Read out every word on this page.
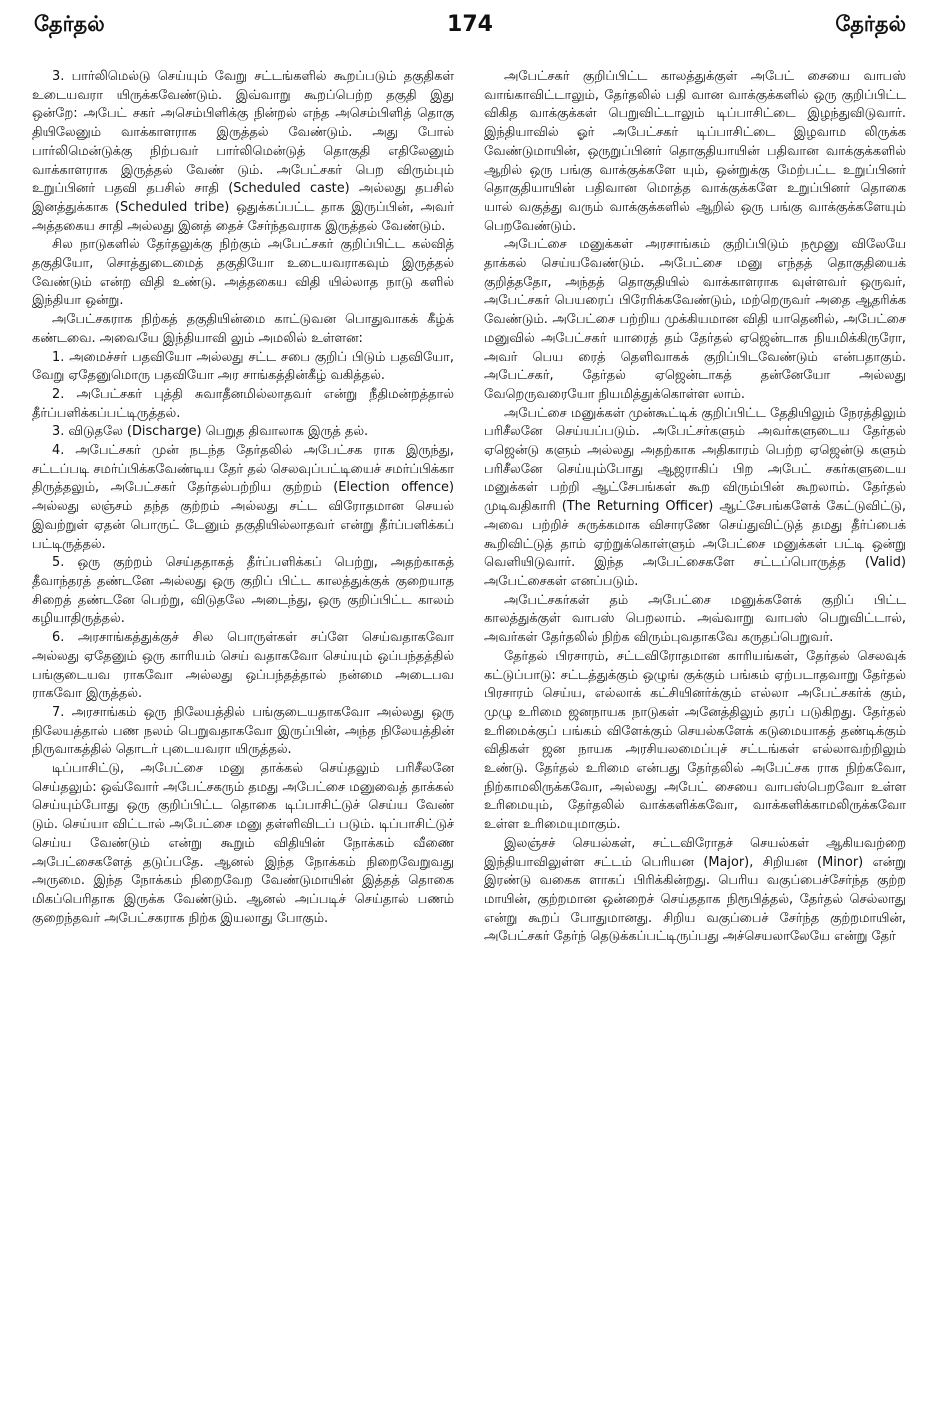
தேர்தல்	174	தேர்தல்

3. பார்லிமெல்டு செய்யும் வேறு சட்டங்களில் கூறப்படும் தகுதிகள் உடையவரா யிருக்கவேண்டும். இவ்வாறு கூறப்பெற்ற தகுதி இது ஒன்றே: அபேட் சகர் அசெம்பிளிக்கு நின்றல் எந்த அசெம்பிளித் தொகு தியிலேனும் வாக்காளராக இருத்தல் வேண்டும். அது போல் பார்லிமென்டுக்கு நிற்பவர் பார்லிமென்டுத் தொகுதி எதிலேனும் வாக்காளராக இருத்தல் வேண் டும். அபேட்சகர் பெற விரும்பும் உறுப்பினர் பதவி தபசில் சாதி (Scheduled caste) அல்லது தபசில் இனத்துக்காக (Scheduled tribe) ஒதுக்கப்பட்ட தாக இருப்பின், அவர் அத்தகைய சாதி அல்லது இனத் தைச் சேர்ந்தவராக இருத்தல் வேண்டும்.

சில நாடுகளில் தேர்தலுக்கு நிற்கும் அபேட்சகர் குறிப்பிட்ட கல்வித் தகுதியோ, சொத்துடைமைத் தகுதியோ உடையவராகவும் இருத்தல் வேண்டும் என்ற விதி உண்டு. அத்தகைய விதி யில்லாத நாடு களில் இந்தியா ஒன்று.

அபேட்சகராக நிற்கத் தகுதியின்மை காட்டுவன பொதுவாகக் கீழ்க் கண்டவை. அவையே இந்தியாவி லும் அமலில் உள்ளன:

1. அமைச்சர் பதவியோ அல்லது சட்ட சபை குறிப் பிடும் பதவியோ, வேறு ஏதேனுமொரு பதவியோ அர சாங்கத்தின்கீழ் வகித்தல்.

2. அபேட்சகர் புத்தி சுவாதீனமில்லாதவர் என்று நீதிமன்றத்தால் தீர்ப்பளிக்கப்பட்டிருத்தல்.

3. விடுதலே (Discharge) பெறுத திவாலாக இருத் தல்.

4. அபேட்சகர் முன் நடந்த தேர்தலில் அபேட்சக ராக இருந்து, சட்டப்படி சமர்ப்பிக்கவேண்டிய தேர் தல் செலவுப்பட்டியைச் சமர்ப்பிக்கா திருத்தலும், அபேட்சகர் தேர்தல்பற்றிய குற்றம் (Election offence) அல்லது லஞ்சம் தந்த குற்றம் அல்லது சட்ட விரோதமான செயல் இவற்றுள் ஏதன் பொருட் டேனும் தகுதியில்லாதவர் என்று தீர்ப்பளிக்கப் பட்டிருத்தல்.

5. ஒரு குற்றம் செய்ததாகத் தீர்ப்பளிக்கப் பெற்று, அதற்காகத் தீவாந்தரத் தண்டனே அல்லது ஒரு குறிப் பிட்ட காலத்துக்குக் குறையாத சிறைத் தண்டனே பெற்று, விடுதலே அடைந்து, ஒரு குறிப்பிட்ட காலம் கழியாதிருத்தல்.

6. அரசாங்கத்துக்குச் சில பொருள்கள் சப்ளே செய்வதாகவோ அல்லது ஏதேனும் ஒரு காரியம் செய் வதாகவோ செய்யும் ஒப்பந்தத்தில் பங்குடையவ ராகவோ அல்லது ஒப்பந்தத்தால் நன்மை அடைபவ ராகவோ இருத்தல்.

7. அரசாங்கம் ஒரு நிலேயத்தில் பங்குடையதாகவோ அல்லது ஒரு நிலேயத்தால் பண நலம் பெறுவதாகவோ இருப்பின், அந்த நிலேயத்தின் நிருவாகத்தில் தொடர் புடையவரா யிருத்தல்.

டிப்பாசிட்டு, அபேட்சை மனு தாக்கல் செய்தலும் பரிசீலனே செய்தலும்: ஒவ்வோர் அபேட்சகரும் தமது அபேட்சை மனுவைத் தாக்கல் செய்யும்போது ஒரு குறிப்பிட்ட தொகை டிப்பாசிட்டுச் செய்ய வேண் டும். செய்யா விட்டால் அபேட்சை மனு தள்ளிவிடப் படும். டிப்பாசிட்டுச் செய்ய வேண்டும் என்று கூறும் விதியின் நோக்கம் வீணை அபேட்சைகளேத் தடுப்பதே. ஆனல் இந்த நோக்கம் நிறைவேறுவது அருமை. இந்த நோக்கம் நிறைவேற வேண்டுமாயின் இத்தத் தொகை மிகப்பெரிதாக இருக்க வேண்டும். ஆனல் அப்படிச் செய்தால் பணம் குறைந்தவர் அபேட்சகராக நிற்க இயலாது போகும்.

அபேட்சகர் குறிப்பிட்ட காலத்துக்குள் அபேட் சையை வாபஸ் வாங்காவிட்டாலும், தேர்தலில் பதி வான வாக்குக்களில் ஒரு குறிப்பிட்ட விகித வாக்குக்கள் பெறுவிட்டாலும் டிப்பாசிட்டை இழந்துவிடுவார். இந்தியாவில் ஓர் அபேட்சகர் டிப்பாசிட்டை இழவாம லிருக்க வேண்டுமாயின், ஒருறுப்பினர் தொகுதியாயின் பதிவான வாக்குக்களில் ஆறில் ஒரு பங்கு வாக்குக்களே யும், ஒன்றுக்கு மேற்பட்ட உறுப்பினர் தொகுதியாயின் பதிவான மொத்த வாக்குக்களே உறுப்பினர் தொகை யால் வகுத்து வரும் வாக்குக்களில் ஆறில் ஒரு பங்கு வாக்குக்களேயும் பெறவேண்டும்.

அபேட்சை மனுக்கள் அரசாங்கம் குறிப்பிடும் நமூனு விலேயே தாக்கல் செய்யவேண்டும். அபேட்சை மனு எந்தத் தொகுதியைக் குறித்ததோ, அந்தத் தொகுதியில் வாக்காளராக வுள்ளவர் ஒருவர், அபேட்சகர் பெயரைப் பிரேரிக்கவேண்டும், மற்றெருவர் அதை ஆதரிக்க வேண்டும். அபேட்சை பற்றிய முக்கியமான விதி யாதெனில், அபேட்சை மனுவில் அபேட்சகர் யாரைத் தம் தேர்தல் ஏஜென்டாக நியமிக்கிருரோ, அவர் பெய ரைத் தெளிவாகக் குறிப்பிடவேண்டும் என்பதாகும். அபேட்சகர், தேர்தல் ஏஜென்டாகத் தன்னேயோ அல்லது வேறெருவரையோ நியமித்துக்கொள்ள லாம்.

அபேட்சை மனுக்கள் முன்கூட்டிக் குறிப்பிட்ட தேதியிலும் நேரத்திலும் பரிசீலனே செய்யப்படும். அபேட்சர்களும் அவர்களுடைய தேர்தல் ஏஜென்டு களும் அல்லது அதற்காக அதிகாரம் பெற்ற ஏஜென்டு களும் பரிசீலனே செய்யும்போது ஆஜராகிப் பிற அபேட் சகர்களுடைய மனுக்கள் பற்றி ஆட்சேபங்கள் கூற விரும்பின் கூறலாம். தேர்தல் முடிவதிகாரி (The Returning Officer) ஆட்சேபங்களேக் கேட்டுவிட்டு, அவை பற்றிச் சுருக்கமாக விசாரணே செய்துவிட்டுத் தமது தீர்ப்பைக் கூறிவிட்டுத் தாம் ஏற்றுக்கொள்ளும் அபேட்சை மனுக்கள் பட்டி ஒன்று வெளியிடுவார். இந்த அபேட்சைகளே சட்டப்பொருத்த (Valid) அபேட்சைகள் எனப்படும்.

அபேட்சகர்கள் தம் அபேட்சை மனுக்களேக் குறிப் பிட்ட காலத்துக்குள் வாபஸ் பெறலாம். அவ்வாறு வாபஸ் பெறுவிட்டால், அவர்கள் தேர்தலில் நிற்க விரும்புவதாகவே கருதப்பெறுவர்.

தேர்தல் பிரசாரம், சட்டவிரோதமான காரியங்கள், தேர்தல் செலவுக் கட்டுப்பாடு: சட்டத்துக்கும் ஒழுங் குக்கும் பங்கம் ஏற்படாதவாறு தேர்தல் பிரசாரம் செய்ய, எல்லாக் கட்சியினர்க்கும் எல்லா அபேட்சகர்க் கும், முழு உரிமை ஜனநாயக நாடுகள் அனேத்திலும் தரப் படுகிறது. தேர்தல் உரிமைக்குப் பங்கம் விளேக்கும் செயல்களேக் கடுமையாகத் தண்டிக்கும் விதிகள் ஜன நாயக அரசியலமைப்புச் சட்டங்கள் எல்லாவற்றிலும் உண்டு. தேர்தல் உரிமை என்பது தேர்தலில் அபேட்சக ராக நிற்கவோ, நிற்காமலிருக்கவோ, அல்லது அபேட் சையை வாபஸ்பெறவோ உள்ள உரிமையும், தேர்தலில் வாக்களிக்கவோ, வாக்களிக்காமலிருக்கவோ உள்ள உரிமையுமாகும்.

இலஞ்சச் செயல்கள், சட்டவிரோதச் செயல்கள் ஆகியவற்றை இந்தியாவிலுள்ள சட்டம் பெரியன (Major), சிறியன (Minor) என்று இரண்டு வகைக ளாகப் பிரிக்கின்றது. பெரிய வகுப்பைச்சேர்ந்த குற்ற மாயின், குற்றமான ஒன்றைச் செய்ததாக நிரூபித்தல், தேர்தல் செல்லாது என்று கூறப் போதுமானது. சிறிய வகுப்பைச் சேர்ந்த குற்றமாயின், அபேட்சகர் தேர்ந் தெடுக்கப்பட்டிருப்பது அச்செயலாலேயே என்று தேர்
